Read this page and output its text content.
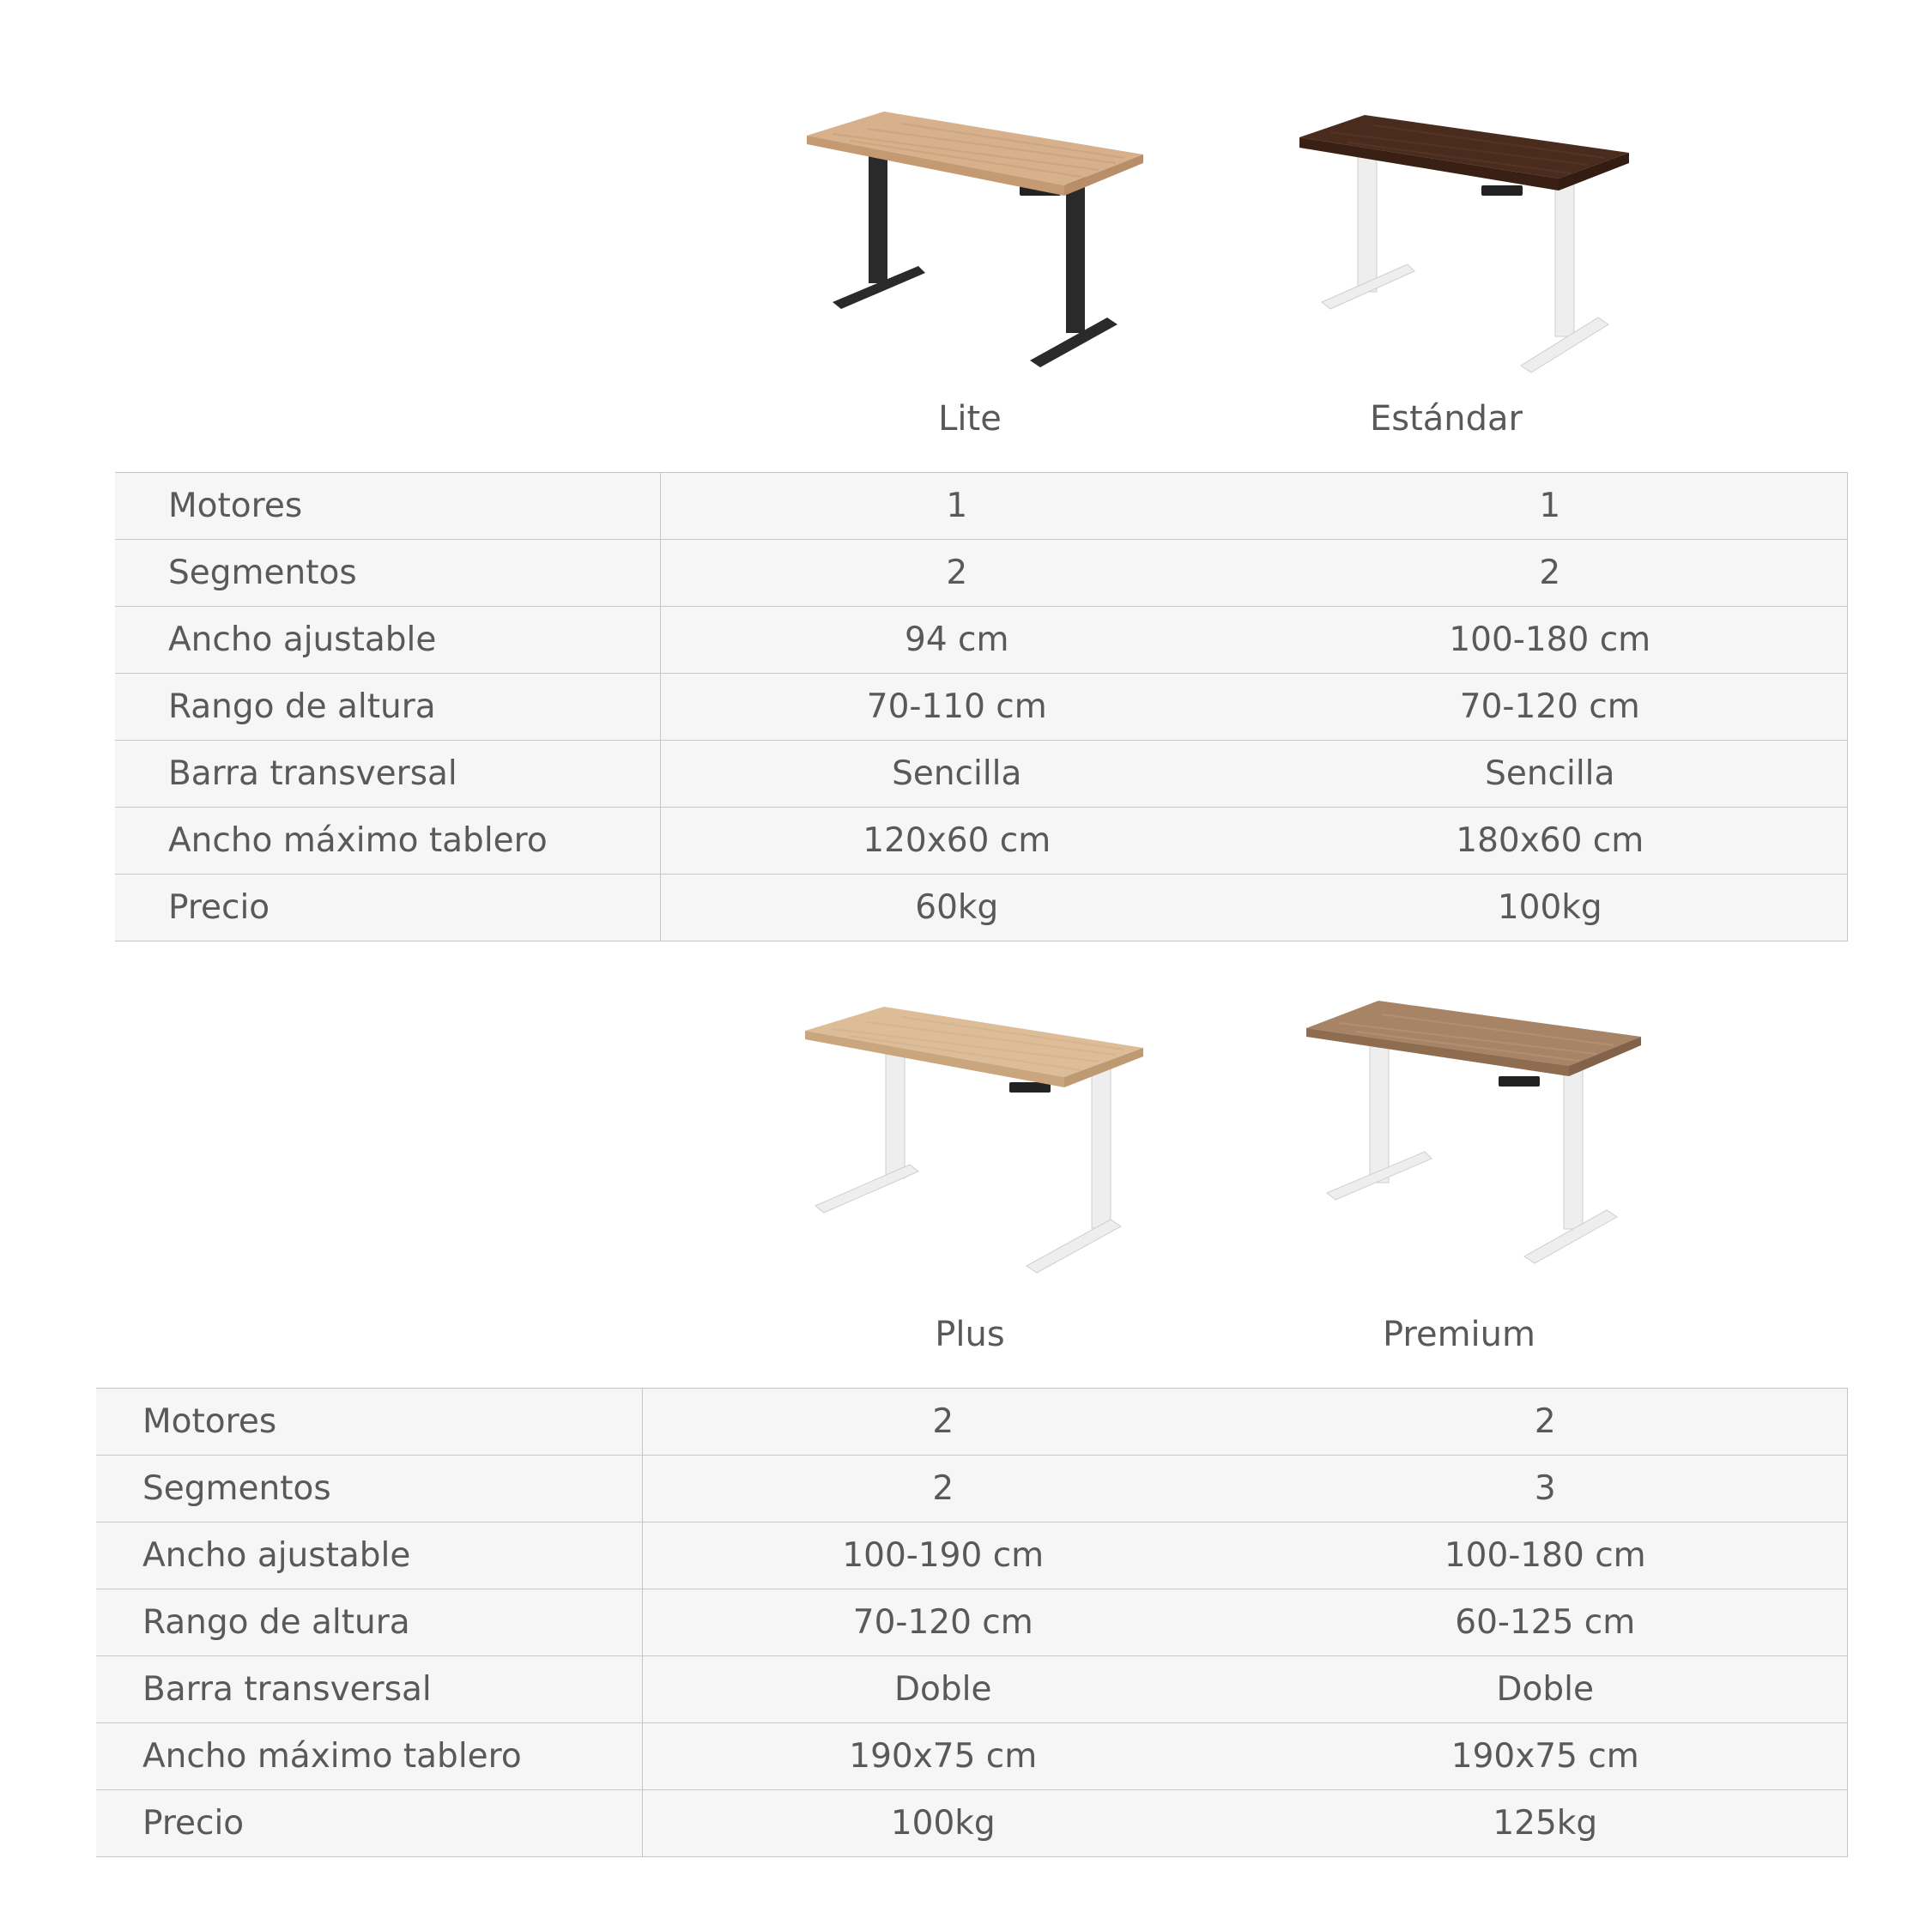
Lite	Estándar
Motores	1	1
Segmentos	2	2
Ancho ajustable	94 cm	100-180 cm
Rango de altura	70-110 cm	70-120 cm
Barra transversal	Sencilla	Sencilla
Ancho máximo tablero	120x60 cm	180x60 cm
Precio	60kg	100kg
Plus	Premium
Motores	2	2
Segmentos	2	3
Ancho ajustable	100-190 cm	100-180 cm
Rango de altura	70-120 cm	60-125 cm
Barra transversal	Doble	Doble
Ancho máximo tablero	190x75 cm	190x75 cm
Precio	100kg	125kg
